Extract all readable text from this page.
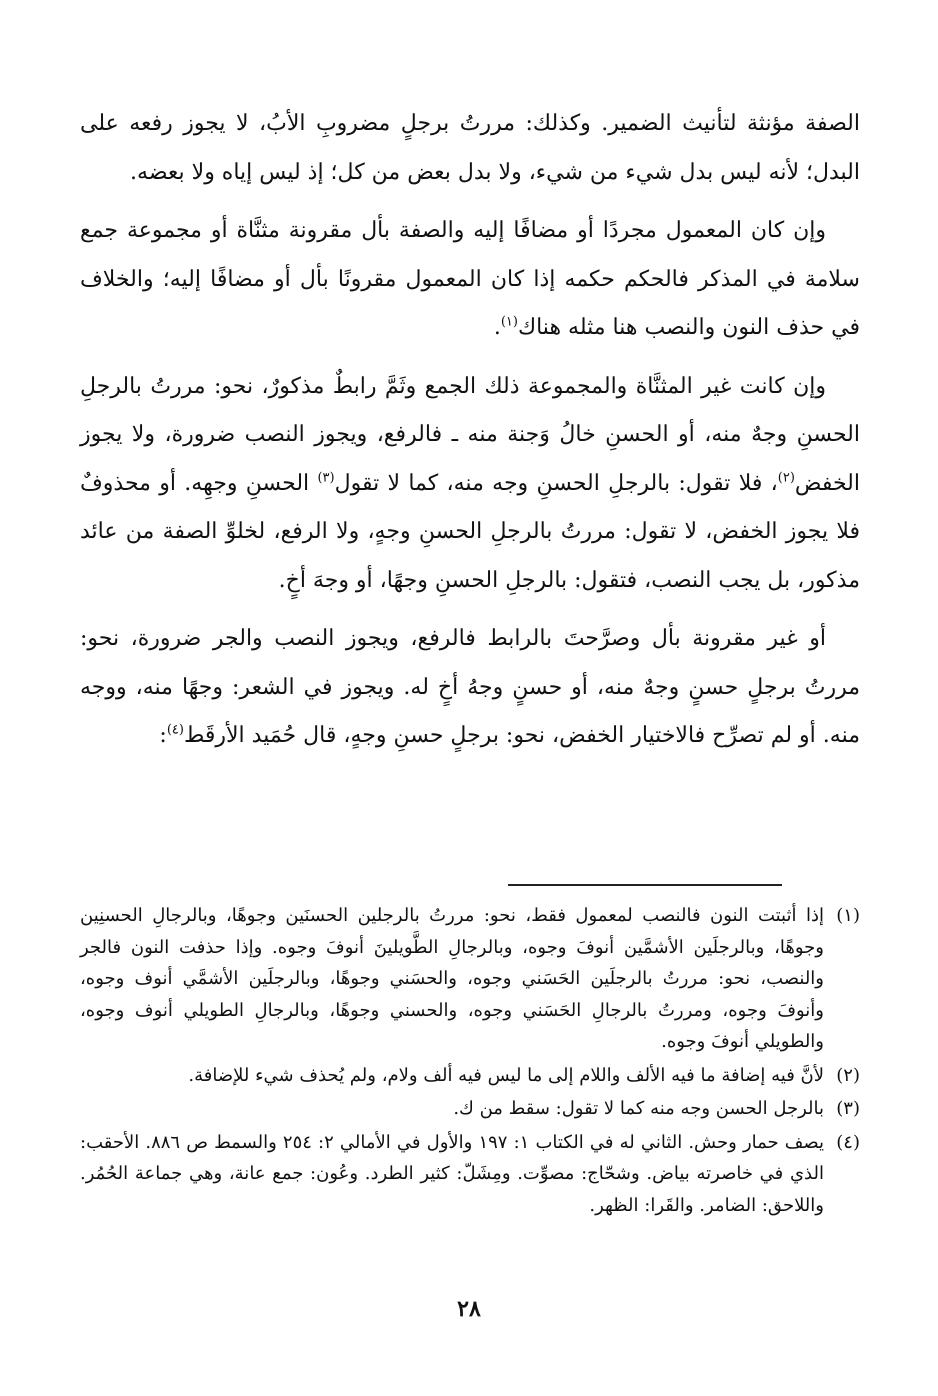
الصفة مؤنثة لتأنيث الضمير. وكذلك: مررتُ برجلٍ مضروبِ الأبُ، لا يجوز رفعه على البدل؛ لأنه ليس بدل شيء من شيء، ولا بدل بعض من كل؛ إذ ليس إياه ولا بعضه.

وإن كان المعمول مجردًا أو مضافًا إليه والصفة بأل مقرونة مثنَّاة أو مجموعة جمع سلامة في المذكر فالحكم حكمه إذا كان المعمول مقرونًا بأل أو مضافًا إليه؛ والخلاف في حذف النون والنصب هنا مثله هناك$^{(١)}$.

وإن كانت غير المثنَّاة والمجموعة ذلك الجمع وثَمَّ رابطٌ مذكورٌ، نحو: مررتُ بالرجلِ الحسنِ وجهٌ منه، أو الحسنِ خالُ وَجنة منه ـ فالرفع، ويجوز النصب ضرورة، ولا يجوز الخفض$^{(٢)}$، فلا تقول: بالرجلِ الحسنِ وجه منه، كما لا تقول$^{(٣)}$ الحسنِ وجهِه. أو محذوفٌ فلا يجوز الخفض، لا تقول: مررتُ بالرجلِ الحسنِ وجهٍ، ولا الرفع، لخلوِّ الصفة من عائد مذكور، بل يجب النصب، فتقول: بالرجلِ الحسنِ وجهًا، أو وجهَ أخٍ.

أو غير مقرونة بأل وصرَّحتَ بالرابط فالرفع، ويجوز النصب والجر ضرورة، نحو: مررتُ برجلٍ حسنٍ وجهٌ منه، أو حسنٍ وجهُ أخٍ له. ويجوز في الشعر: وجهًا منه، ووجه منه. أو لم تصرِّح فالاختيار الخفض، نحو: برجلٍ حسنِ وجهٍ، قال حُمَيد الأرقَط$^{(٤)}$:

(١)
إذا أثبتت النون فالنصب لمعمول فقط، نحو: مررتُ بالرجلين الحسنَين وجوهًا، وبالرجالِ الحسنِين وجوهًا، وبالرجلَين الأشمَّين أنوفَ وجوه، وبالرجالِ الطَّويلينَ أنوفَ وجوه. وإذا حذفت النون فالجر والنصب، نحو: مررتُ بالرجلَين الحَسَني وجوه، والحسَني وجوهًا، وبالرجلَين الأشمَّي أنوف وجوه، وأنوفَ وجوه، ومررتُ بالرجالِ الحَسَني وجوه، والحسني وجوهًا، وبالرجالِ الطويلي أنوف وجوه، والطويلي أنوفَ وجوه.
(٢)
لأنَّ فيه إضافة ما فيه الألف واللام إلى ما ليس فيه ألف ولام، ولم يُحذف شيء للإضافة.
(٣)
بالرجل الحسن وجه منه كما لا تقول: سقط من ك.
(٤)
يصف حمار وحش. الثاني له في الكتاب ١: ١٩٧ والأول في الأمالي ٢: ٢٥٤ والسمط ص ٨٨٦. الأحقب: الذي في خاصرته بياض. وشحّاج: مصوِّت. ومِشَلّ: كثير الطرد. وعُون: جمع عانة، وهي جماعة الحُمُر. واللاحق: الضامر. والقَرا: الظهر.
٢٨
